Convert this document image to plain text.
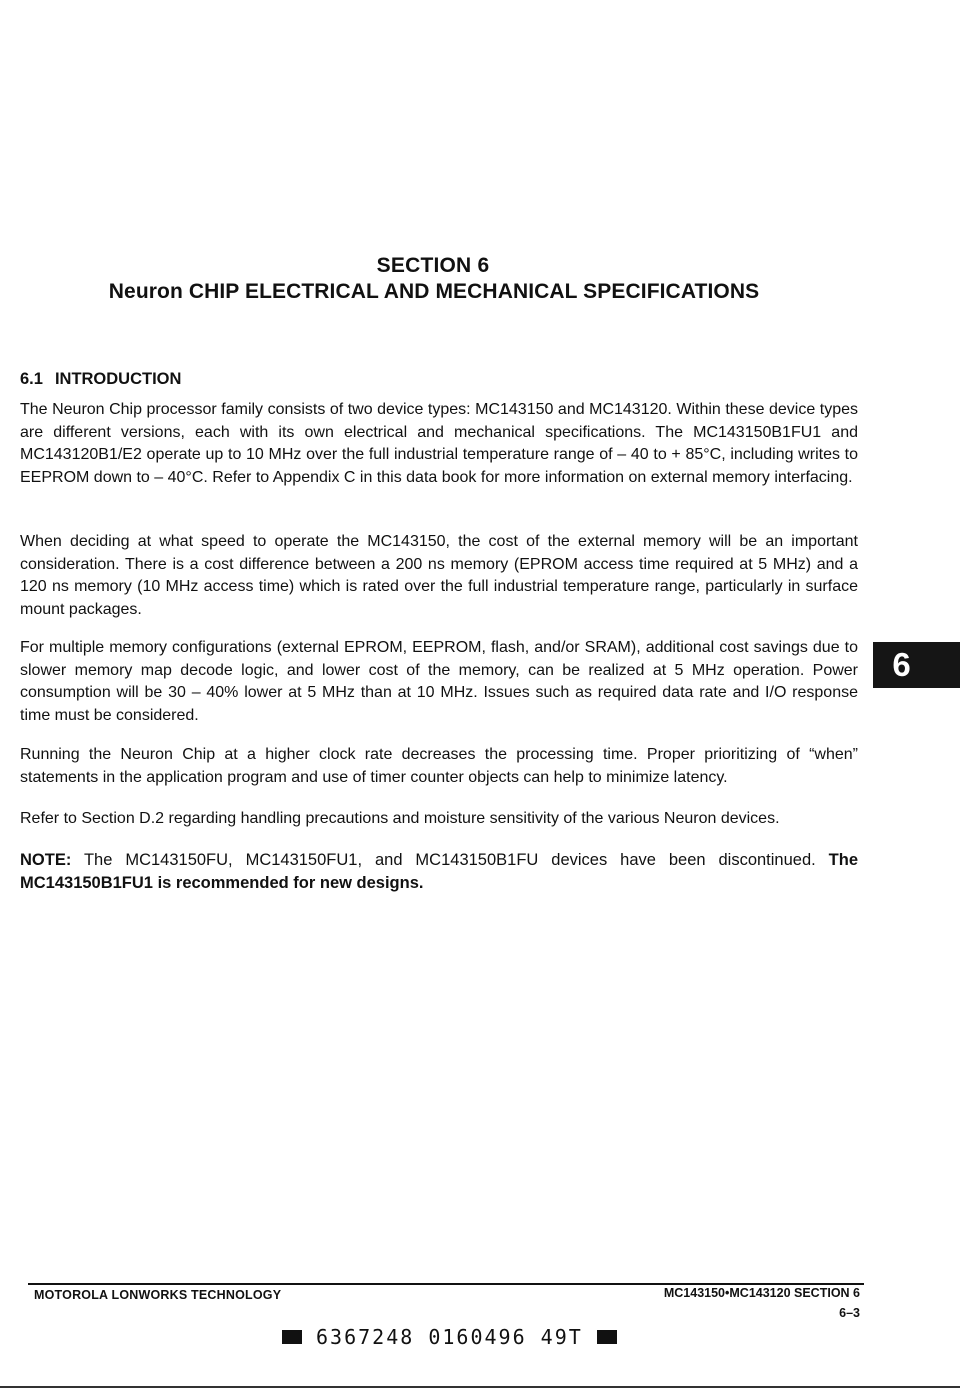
SECTION 6
Neuron CHIP ELECTRICAL AND MECHANICAL SPECIFICATIONS
6.1 INTRODUCTION
The Neuron Chip processor family consists of two device types: MC143150 and MC143120. Within these device types are different versions, each with its own electrical and mechanical specifications. The MC143150B1FU1 and MC143120B1/E2 operate up to 10 MHz over the full industrial temperature range of – 40 to + 85°C, including writes to EEPROM down to – 40°C. Refer to Appendix C in this data book for more information on external memory interfacing.
When deciding at what speed to operate the MC143150, the cost of the external memory will be an important consideration. There is a cost difference between a 200 ns memory (EPROM access time required at 5 MHz) and a 120 ns memory (10 MHz access time) which is rated over the full industrial temperature range, particularly in surface mount packages.
For multiple memory configurations (external EPROM, EEPROM, flash, and/or SRAM), additional cost savings due to slower memory map decode logic, and lower cost of the memory, can be realized at 5 MHz operation. Power consumption will be 30 – 40% lower at 5 MHz than at 10 MHz. Issues such as required data rate and I/O response time must be considered.
Running the Neuron Chip at a higher clock rate decreases the processing time. Proper prioritizing of “when” statements in the application program and use of timer counter objects can help to minimize latency.
Refer to Section D.2 regarding handling precautions and moisture sensitivity of the various Neuron devices.
NOTE: The MC143150FU, MC143150FU1, and MC143150B1FU devices have been discontinued. The MC143150B1FU1 is recommended for new designs.
6
MOTOROLA LONWORKS TECHNOLOGY	MC143150•MC143120 SECTION 6
6–3
6367248 0160496 49T
